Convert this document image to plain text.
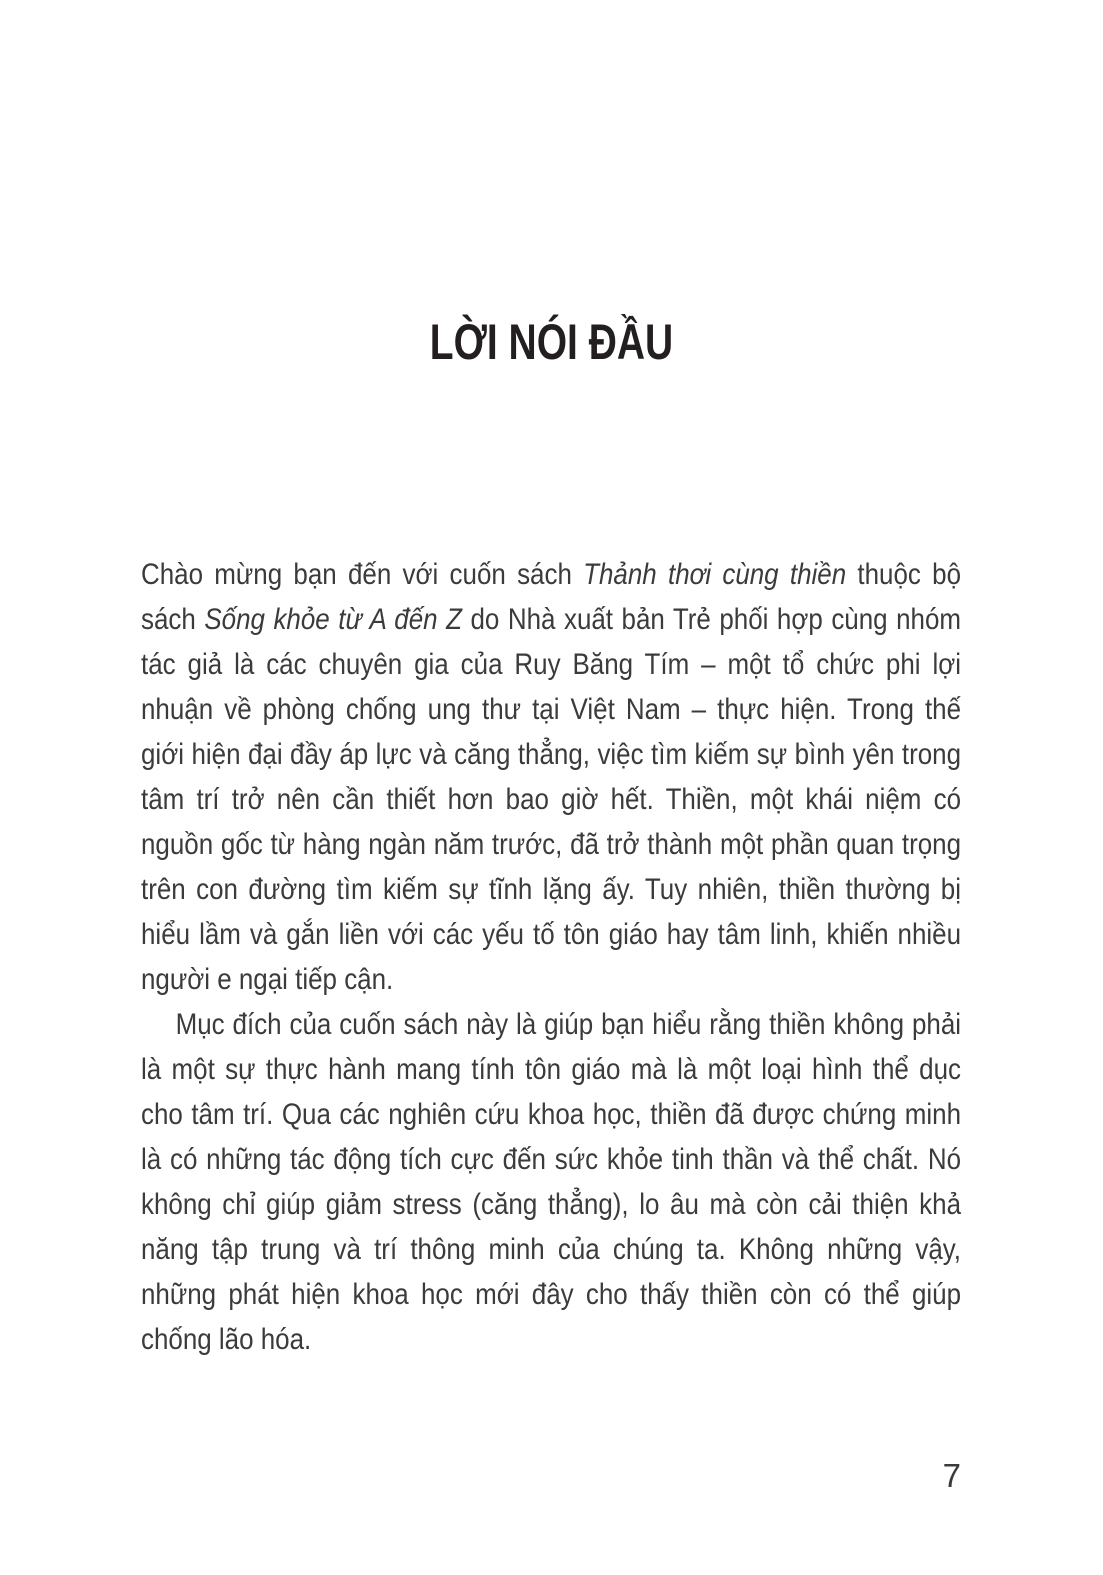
LỜI NÓI ĐẦU

Chào mừng bạn đến với cuốn sách Thảnh thơi cùng thiền thuộc bộ sách Sống khỏe từ A đến Z do Nhà xuất bản Trẻ phối hợp cùng nhóm tác giả là các chuyên gia của Ruy Băng Tím – một tổ chức phi lợi nhuận về phòng chống ung thư tại Việt Nam – thực hiện. Trong thế giới hiện đại đầy áp lực và căng thẳng, việc tìm kiếm sự bình yên trong tâm trí trở nên cần thiết hơn bao giờ hết. Thiền, một khái niệm có nguồn gốc từ hàng ngàn năm trước, đã trở thành một phần quan trọng trên con đường tìm kiếm sự tĩnh lặng ấy. Tuy nhiên, thiền thường bị hiểu lầm và gắn liền với các yếu tố tôn giáo hay tâm linh, khiến nhiều người e ngại tiếp cận.

Mục đích của cuốn sách này là giúp bạn hiểu rằng thiền không phải là một sự thực hành mang tính tôn giáo mà là một loại hình thể dục cho tâm trí. Qua các nghiên cứu khoa học, thiền đã được chứng minh là có những tác động tích cực đến sức khỏe tinh thần và thể chất. Nó không chỉ giúp giảm stress (căng thẳng), lo âu mà còn cải thiện khả năng tập trung và trí thông minh của chúng ta. Không những vậy, những phát hiện khoa học mới đây cho thấy thiền còn có thể giúp chống lão hóa.

7
